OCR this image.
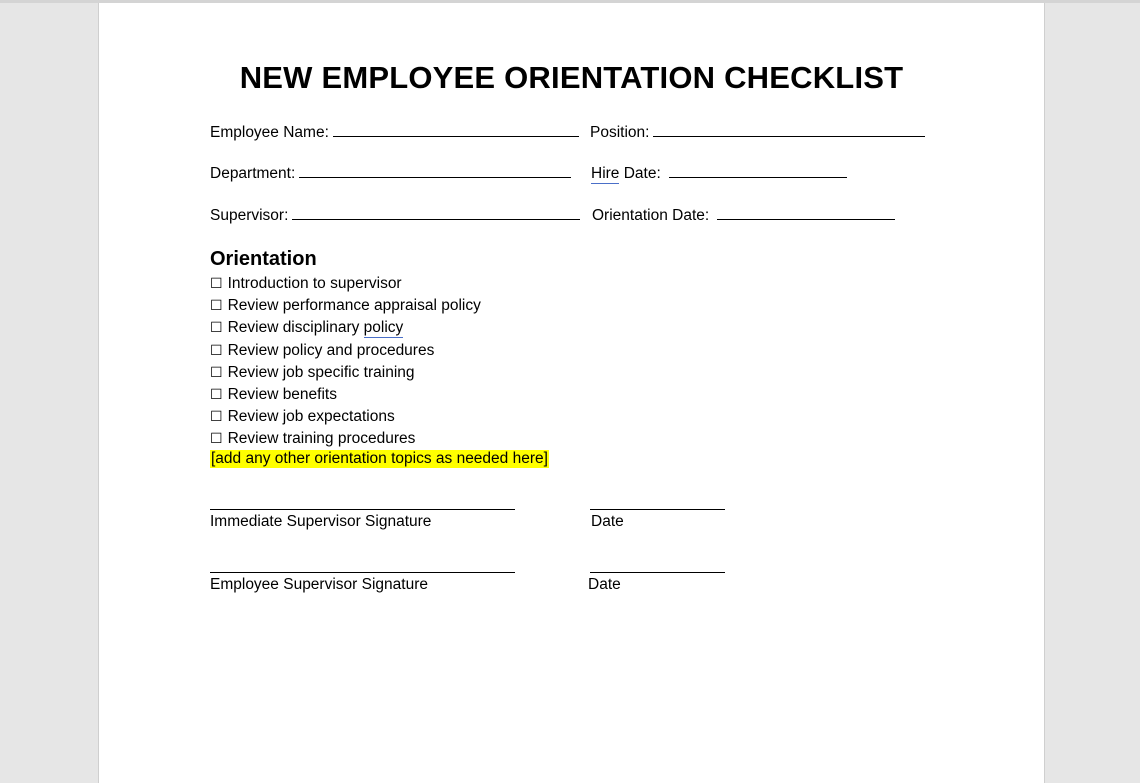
NEW EMPLOYEE ORIENTATION CHECKLIST
Employee Name:	Position:
Department:	Hire Date:
Supervisor:	Orientation Date:
Orientation
☐ Introduction to supervisor
☐ Review performance appraisal policy
☐ Review disciplinary policy
☐ Review policy and procedures
☐ Review job specific training
☐ Review benefits
☐ Review job expectations
☐ Review training procedures
[add any other orientation topics as needed here]
Immediate Supervisor Signature	Date
Employee Supervisor Signature	Date
